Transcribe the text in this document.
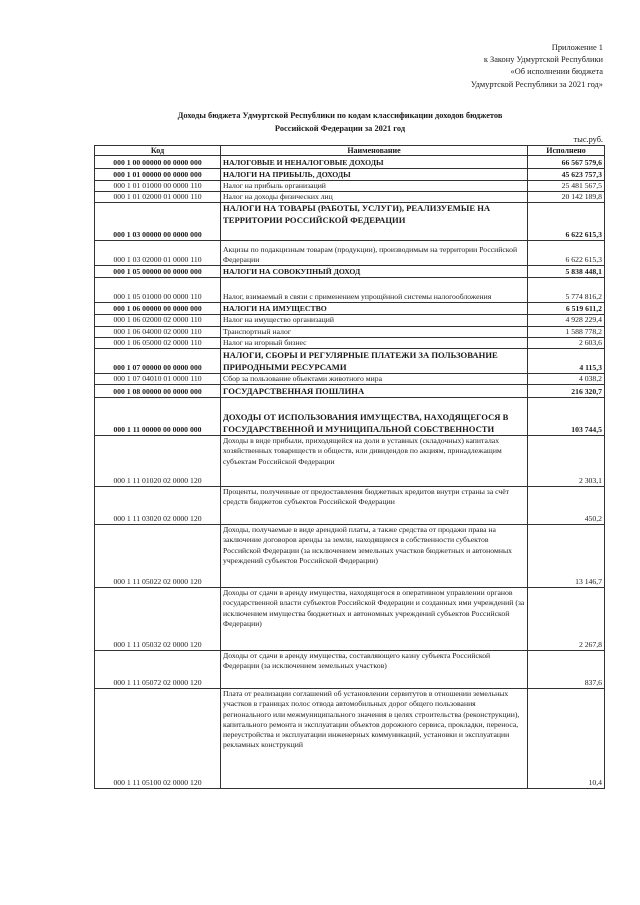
Приложение 1
к Закону Удмуртской Республики
«Об исполнении бюджета
Удмуртской Республики за 2021 год»
Доходы бюджета Удмуртской Республики по кодам классификации доходов бюджетов
Российской Федерации за 2021 год
тыс.руб.
Код	Наименование	Исполнено
000 1 00 00000 00 0000 000	НАЛОГОВЫЕ И НЕНАЛОГОВЫЕ ДОХОДЫ	66 567 579,6
000 1 01 00000 00 0000 000	НАЛОГИ НА ПРИБЫЛЬ, ДОХОДЫ	45 623 757,3
000 1 01 01000 00 0000 110	Налог на прибыль организаций	25 481 567,5
000 1 01 02000 01 0000 110	Налог на доходы физических лиц	20 142 189,8
000 1 03 00000 00 0000 000	НАЛОГИ НА ТОВАРЫ (РАБОТЫ, УСЛУГИ), РЕАЛИЗУЕМЫЕ НА ТЕРРИТОРИИ РОССИЙСКОЙ ФЕДЕРАЦИИ	6 622 615,3
000 1 03 02000 01 0000 110	Акцизы по подакцизным товарам (продукции), производимым на территории Российской Федерации	6 622 615,3
000 1 05 00000 00 0000 000	НАЛОГИ НА СОВОКУПНЫЙ ДОХОД	5 838 448,1
000 1 05 01000 00 0000 110	Налог, взимаемый в связи с применением упрощённой системы налогообложения	5 774 816,2
000 1 06 00000 00 0000 000	НАЛОГИ НА ИМУЩЕСТВО	6 519 611,2
000 1 06 02000 02 0000 110	Налог на имущество организаций	4 928 229,4
000 1 06 04000 02 0000 110	Транспортный налог	1 588 778,2
000 1 06 05000 02 0000 110	Налог на игорный бизнес	2 603,6
000 1 07 00000 00 0000 000	НАЛОГИ, СБОРЫ И РЕГУЛЯРНЫЕ ПЛАТЕЖИ ЗА ПОЛЬЗОВАНИЕ ПРИРОДНЫМИ РЕСУРСАМИ	4 115,3
000 1 07 04010 01 0000 110	Сбор за пользование объектами животного мира	4 038,2
000 1 08 00000 00 0000 000	ГОСУДАРСТВЕННАЯ ПОШЛИНА	216 320,7
000 1 11 00000 00 0000 000	ДОХОДЫ ОТ ИСПОЛЬЗОВАНИЯ ИМУЩЕСТВА, НАХОДЯЩЕГОСЯ В ГОСУДАРСТВЕННОЙ И МУНИЦИПАЛЬНОЙ СОБСТВЕННОСТИ	103 744,5
000 1 11 01020 02 0000 120	Доходы в виде прибыли, приходящейся на доли в уставных (складочных) капиталах хозяйственных товариществ и обществ, или дивидендов по акциям, принадлежащим субъектам Российской Федерации	2 303,1
000 1 11 03020 02 0000 120	Проценты, полученные от предоставления бюджетных кредитов внутри страны за счёт средств бюджетов субъектов Российской Федерации	450,2
000 1 11 05022 02 0000 120	Доходы, получаемые в виде арендной платы, а также средства от продажи права на заключение договоров аренды за земли, находящиеся в собственности субъектов Российской Федерации (за исключением земельных участков бюджетных и автономных учреждений субъектов Российской Федерации)	13 146,7
000 1 11 05032 02 0000 120	Доходы от сдачи в аренду имущества, находящегося в оперативном управлении органов государственной власти субъектов Российской Федерации и созданных ими учреждений (за исключением имущества бюджетных и автономных учреждений субъектов Российской Федерации)	2 267,8
000 1 11 05072 02 0000 120	Доходы от сдачи в аренду имущества, составляющего казну субъекта Российской Федерации (за исключением земельных участков)	837,6
000 1 11 05100 02 0000 120	Плата от реализации соглашений об установлении сервитутов в отношении земельных участков в границах полос отвода автомобильных дорог общего пользования регионального или межмуниципального значения в целях строительства (реконструкции), капитального ремонта и эксплуатации объектов дорожного сервиса, прокладки, переноса, переустройства и эксплуатации инженерных коммуникаций, установки и эксплуатации рекламных конструкций	10,4
